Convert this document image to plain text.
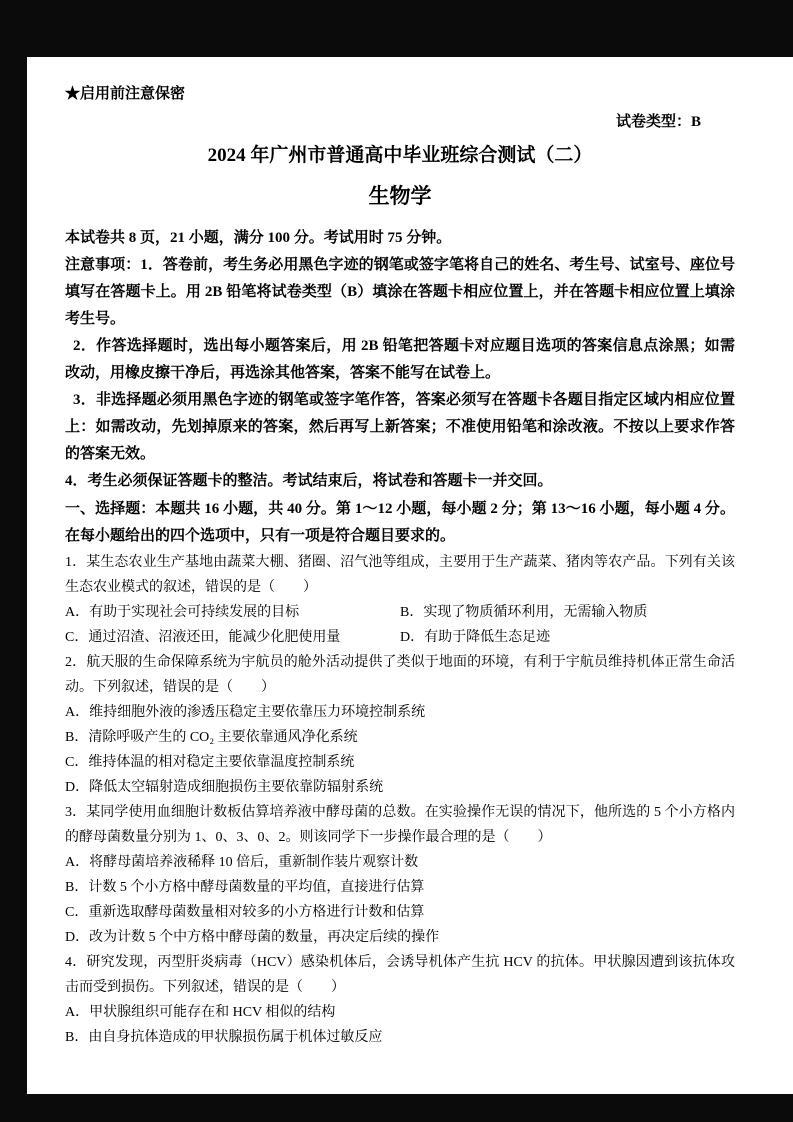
★启用前注意保密
试卷类型：B
2024 年广州市普通高中毕业班综合测试（二）
生物学

本试卷共 8 页，21 小题，满分 100 分。考试用时 75 分钟。

注意事项：1．答卷前，考生务必用黑色字迹的钢笔或签字笔将自己的姓名、考生号、试室号、座位号填写在答题卡上。用 2B 铅笔将试卷类型（B）填涂在答题卡相应位置上，并在答题卡相应位置上填涂考生号。

2．作答选择题时，选出每小题答案后，用 2B 铅笔把答题卡对应题目选项的答案信息点涂黑；如需改动，用橡皮擦干净后，再选涂其他答案，答案不能写在试卷上。

3．非选择题必须用黑色字迹的钢笔或签字笔作答，答案必须写在答题卡各题目指定区域内相应位置上：如需改动，先划掉原来的答案，然后再写上新答案；不准使用铅笔和涂改液。不按以上要求作答的答案无效。

4．考生必须保证答题卡的整洁。考试结束后，将试卷和答题卡一并交回。

一、选择题：本题共 16 小题，共 40 分。第 1～12 小题，每小题 2 分；第 13～16 小题，每小题 4 分。在每小题给出的四个选项中，只有一项是符合题目要求的。

1．某生态农业生产基地由蔬菜大棚、猪圈、沼气池等组成，主要用于生产蔬菜、猪肉等农产品。下列有关该生态农业模式的叙述，错误的是（　　）

A．有助于实现社会可持续发展的目标	B．实现了物质循环利用，无需输入物质
C．通过沼渣、沼液还田，能减少化肥使用量	D．有助于降低生态足迹

2．航天服的生命保障系统为宇航员的舱外活动提供了类似于地面的环境，有利于宇航员维持机体正常生命活动。下列叙述，错误的是（　　）

A．维持细胞外液的渗透压稳定主要依靠压力环境控制系统
B．清除呼吸产生的 CO₂ 主要依靠通风净化系统
C．维持体温的相对稳定主要依靠温度控制系统
D．降低太空辐射造成细胞损伤主要依靠防辐射系统

3．某同学使用血细胞计数板估算培养液中酵母菌的总数。在实验操作无误的情况下，他所选的 5 个小方格内的酵母菌数量分别为 1、0、3、0、2。则该同学下一步操作最合理的是（　　）

A．将酵母菌培养液稀释 10 倍后，重新制作装片观察计数
B．计数 5 个小方格中酵母菌数量的平均值，直接进行估算
C．重新选取酵母菌数量相对较多的小方格进行计数和估算
D．改为计数 5 个中方格中酵母菌的数量，再决定后续的操作

4．研究发现，丙型肝炎病毒（HCV）感染机体后，会诱导机体产生抗 HCV 的抗体。甲状腺因遭到该抗体攻击而受到损伤。下列叙述，错误的是（　　）

A．甲状腺组织可能存在和 HCV 相似的结构
B．由自身抗体造成的甲状腺损伤属于机体过敏反应
